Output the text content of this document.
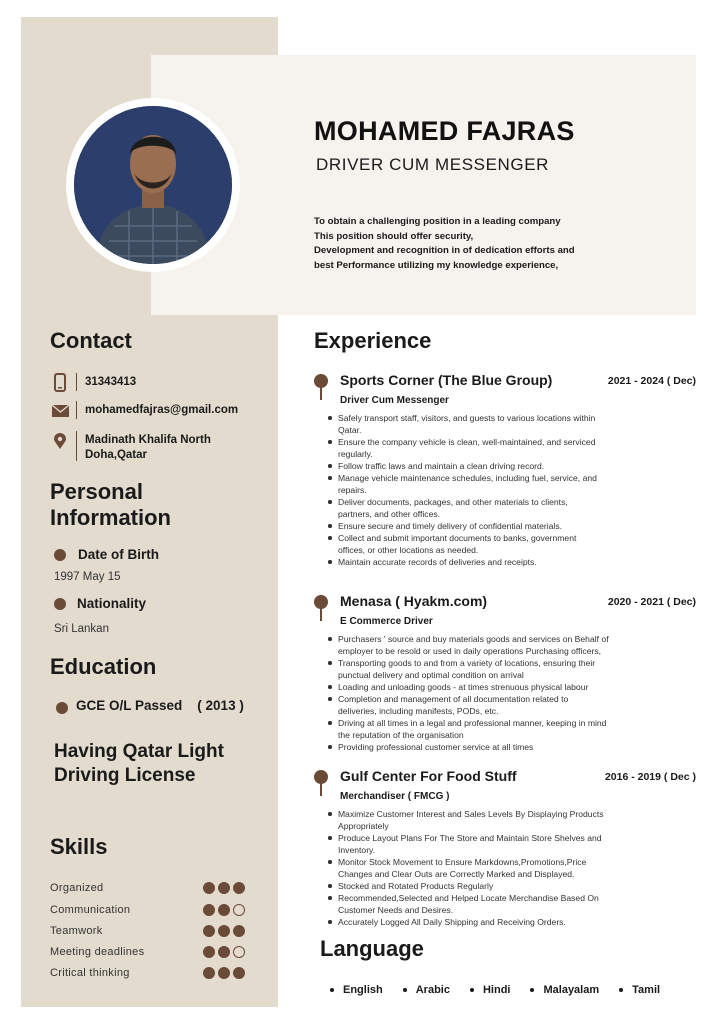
MOHAMED FAJRAS
DRIVER CUM MESSENGER
To obtain a challenging position in a leading company
This position should offer security,
Development and recognition in of dedication efforts and
best Performance utilizing my knowledge experience,
Contact
31343413
mohamedfajras@gmail.com
Madinath Khalifa North
Doha,Qatar
Personal
Information
Date of Birth
1997 May 15
Nationality
Sri Lankan
Education
GCE O/L Passed    ( 2013 )
Having Qatar Light
Driving License
Skills
Organized
Communication
Teamwork
Meeting deadlines
Critical thinking
Experience
Sports Corner (The Blue Group)	2021 - 2024 ( Dec)
Driver Cum Messenger
Safely transport staff, visitors, and guests to various locations within
Qatar.
Ensure the company vehicle is clean, well-maintained, and serviced
regularly.
Follow traffic laws and maintain a clean driving record.
Manage vehicle maintenance schedules, including fuel, service, and
repairs.
Deliver documents, packages, and other materials to clients,
partners, and other offices.
Ensure secure and timely delivery of confidential materials.
Collect and submit important documents to banks, government
offices, or other locations as needed.
Maintain accurate records of deliveries and receipts.
Menasa ( Hyakm.com)	2020 - 2021 ( Dec)
E Commerce Driver
Purchasers ' source and buy materials goods and services on Behalf of
employer to be resold or used in daily operations Purchasing officers,
Transporting goods to and from a variety of locations, ensuring their
punctual delivery and optimal condition on arrival
Loading and unloading goods - at times strenuous physical labour
Completion and management of all documentation related to
deliveries, including manifests, PODs, etc.
Driving at all times in a legal and professional manner, keeping in mind
the reputation of the organisation
Providing professional customer service at all times
Gulf Center For Food Stuff	2016 - 2019 ( Dec )
Merchandiser ( FMCG )
Maximize Customer Interest and Sales Levels By Displaying Products
Appropriately
Produce Layout Plans For The Store and Maintain Store Shelves and
Inventory.
Monitor Stock Movement to Ensure Markdowns,Promotions,Price
Changes and Clear Outs are Correctly Marked and Displayed.
Stocked and Rotated Products Regularly
Recommended,Selected and Helped Locate Merchandise Based On
Customer Needs and Desires.
Accurately Logged All Daily Shipping and Receiving Orders.
Language
English	Arabic	Hindi	Malayalam	Tamil
